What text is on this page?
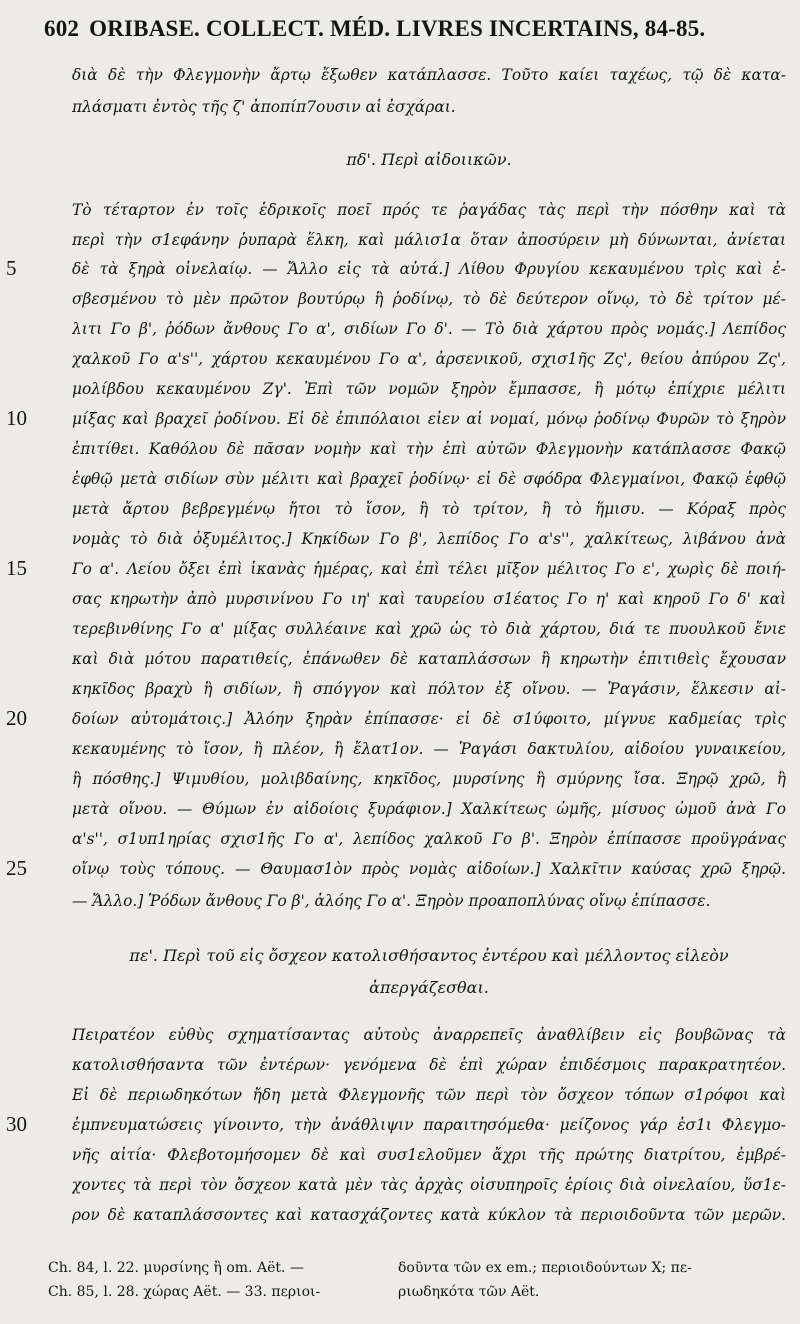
602 ORIBASE. COLLECT. MÉD. LIVRES INCERTAINS, 84-85.
διὰ δὲ τὴν Φλεγμονὴν ἄρτῳ ἔξωθεν κατάπλασσε. Τοῦτο καίει ταχέως, τῷ δὲ κατα-
πλάσματι ἐντὸς τῆς ζ' ἀποπίπ7ουσιν αἱ ἐσχάραι.
πδ'. Περὶ αἰδοιικῶν.
Τὸ τέταρτον ἐν τοῖς ἑδρικοῖς ποεῖ πρός τε ῥαγάδας τὰς περὶ τὴν πόσθην καὶ τὰ
περὶ τὴν σ1εφάνην ῥυπαρὰ ἕλκη, καὶ μάλισ1α ὅταν ἀποσύρειν μὴ δύνωνται, ἀνίεται
δὲ τὰ ξηρὰ οἰνελαίῳ. — Ἄλλο εἰς τὰ αὐτά.] Λίθου Φρυγίου κεκαυμένου τρὶς καὶ ἐ-
σβεσμένου τὸ μὲν πρῶτον βουτύρῳ ἢ ῥοδίνῳ, τὸ δὲ δεύτερον οἴνῳ, τὸ δὲ τρίτον μέ-
λιτι Γο β', ῥόδων ἄνθους Γο α', σιδίων Γο δ'. — Τὸ διὰ χάρτου πρὸς νομάς.] Λεπίδος
χαλκοῦ Γο α's'', χάρτου κεκαυμένου Γο α', ἀρσενικοῦ, σχισ1ῆς Ζς', θείου ἀπύρου Ζς',
μολίβδου κεκαυμένου Ζγ'. Ἐπὶ τῶν νομῶν ξηρὸν ἔμπασσε, ἢ μότῳ ἐπίχριε μέλιτι
μίξας καὶ βραχεῖ ῥοδίνου. Εἰ δὲ ἐπιπόλαιοι εἶεν αἱ νομαί, μόνῳ ῥοδίνῳ Φυρῶν τὸ ξηρὸν
ἐπιτίθει. Καθόλου δὲ πᾶσαν νομὴν καὶ τὴν ἐπὶ αὐτῶν Φλεγμονὴν κατάπλασσε Φακῷ
ἑφθῷ μετὰ σιδίων σὺν μέλιτι καὶ βραχεῖ ῥοδίνῳ· εἰ δὲ σφόδρα Φλεγμαίνοι, Φακῷ ἑφθῷ
μετὰ ἄρτου βεβρεγμένῳ ἤτοι τὸ ἴσον, ἢ τὸ τρίτον, ἢ τὸ ἥμισυ. — Κόραξ πρὸς
νομὰς τὸ διὰ ὀξυμέλιτος.] Κηκίδων Γο β', λεπίδος Γο α's'', χαλκίτεως, λιβάνου ἀνὰ
Γο α'. Λείου ὄξει ἐπὶ ἱκανὰς ἡμέρας, καὶ ἐπὶ τέλει μῖξον μέλιτος Γο ε', χωρὶς δὲ ποιή-
σας κηρωτὴν ἀπὸ μυρσινίνου Γο ιη' καὶ ταυρείου σ1έατος Γο η' καὶ κηροῦ Γο δ' καὶ
τερεβινθίνης Γο α' μίξας συλλέαινε καὶ χρῶ ὡς τὸ διὰ χάρτου, διά τε πυουλκοῦ ἔνιε
καὶ διὰ μότου παρατιθείς, ἐπάνωθεν δὲ καταπλάσσων ἢ κηρωτὴν ἐπιτιθεὶς ἔχουσαν
κηκῖδος βραχὺ ἢ σιδίων, ἢ σπόγγον καὶ πόλτον ἐξ οἴνου. — Ῥαγάσιν, ἕλκεσιν αἰ-
δοίων αὐτομάτοις.] Ἀλόην ξηρὰν ἐπίπασσε· εἰ δὲ σ1ύφοιτο, μίγνυε καδμείας τρὶς
κεκαυμένης τὸ ἴσον, ἢ πλέον, ἢ ἔλατ1ον. — Ῥαγάσι δακτυλίου, αἰδοίου γυναικείου,
ἢ πόσθης.] Ψιμυθίου, μολιβδαίνης, κηκῖδος, μυρσίνης ἢ σμύρνης ἴσα. Ξηρῷ χρῶ, ἢ
μετὰ οἴνου. — Θύμων ἐν αἰδοίοις ξυράφιον.] Χαλκίτεως ὠμῆς, μίσυος ὠμοῦ ἀνὰ Γο
α's'', σ1υπ1ηρίας σχισ1ῆς Γο α', λεπίδος χαλκοῦ Γο β'. Ξηρὸν ἐπίπασσε προϋγράνας
οἴνῳ τοὺς τόπους. — Θαυμασ1ὸν πρὸς νομὰς αἰδοίων.] Χαλκῖτιν καύσας χρῶ ξηρῷ.
— Ἄλλο.] Ῥόδων ἄνθους Γο β', ἀλόης Γο α'. Ξηρὸν προαποπλύνας οἴνῳ ἐπίπασσε.
πε'. Περὶ τοῦ εἰς ὄσχεον κατολισθήσαντος ἐντέρου καὶ μέλλοντος εἰλεὸν
ἀπεργάζεσθαι.
Πειρατέον εὐθὺς σχηματίσαντας αὐτοὺς ἀναρρεπεῖς ἀναθλίβειν εἰς βουβῶνας τὰ
κατολισθήσαντα τῶν ἐντέρων· γενόμενα δὲ ἐπὶ χώραν ἐπιδέσμοις παρακρατητέον.
Εἰ δὲ περιωδηκότων ἤδη μετὰ Φλεγμονῆς τῶν περὶ τὸν ὄσχεον τόπων σ1ρόφοι καὶ
ἐμπνευματώσεις γίνοιντο, τὴν ἀνάθλιψιν παραιτησόμεθα· μείζονος γάρ ἐσ1ι Φλεγμο-
νῆς αἰτία· Φλεβοτομήσομεν δὲ καὶ συσ1ελοῦμεν ἄχρι τῆς πρώτης διατρίτου, ἐμβρέ-
χοντες τὰ περὶ τὸν ὄσχεον κατὰ μὲν τὰς ἀρχὰς οἰσυπηροῖς ἐρίοις διὰ οἰνελαίου, ὕσ1ε-
ρον δὲ καταπλάσσοντες καὶ κατασχάζοντες κατὰ κύκλον τὰ περιοιδοῦντα τῶν μερῶν.
5
10
15
20
25
30
Ch. 84, l. 22. μυρσίνης ἢ om. Aët. —
Ch. 85, l. 28. χώρας Aët. — 33. περιοι-
δοῦντα τῶν ex em.; περιοιδούντων X; πε-
ριωδηκότα τῶν Aët.
